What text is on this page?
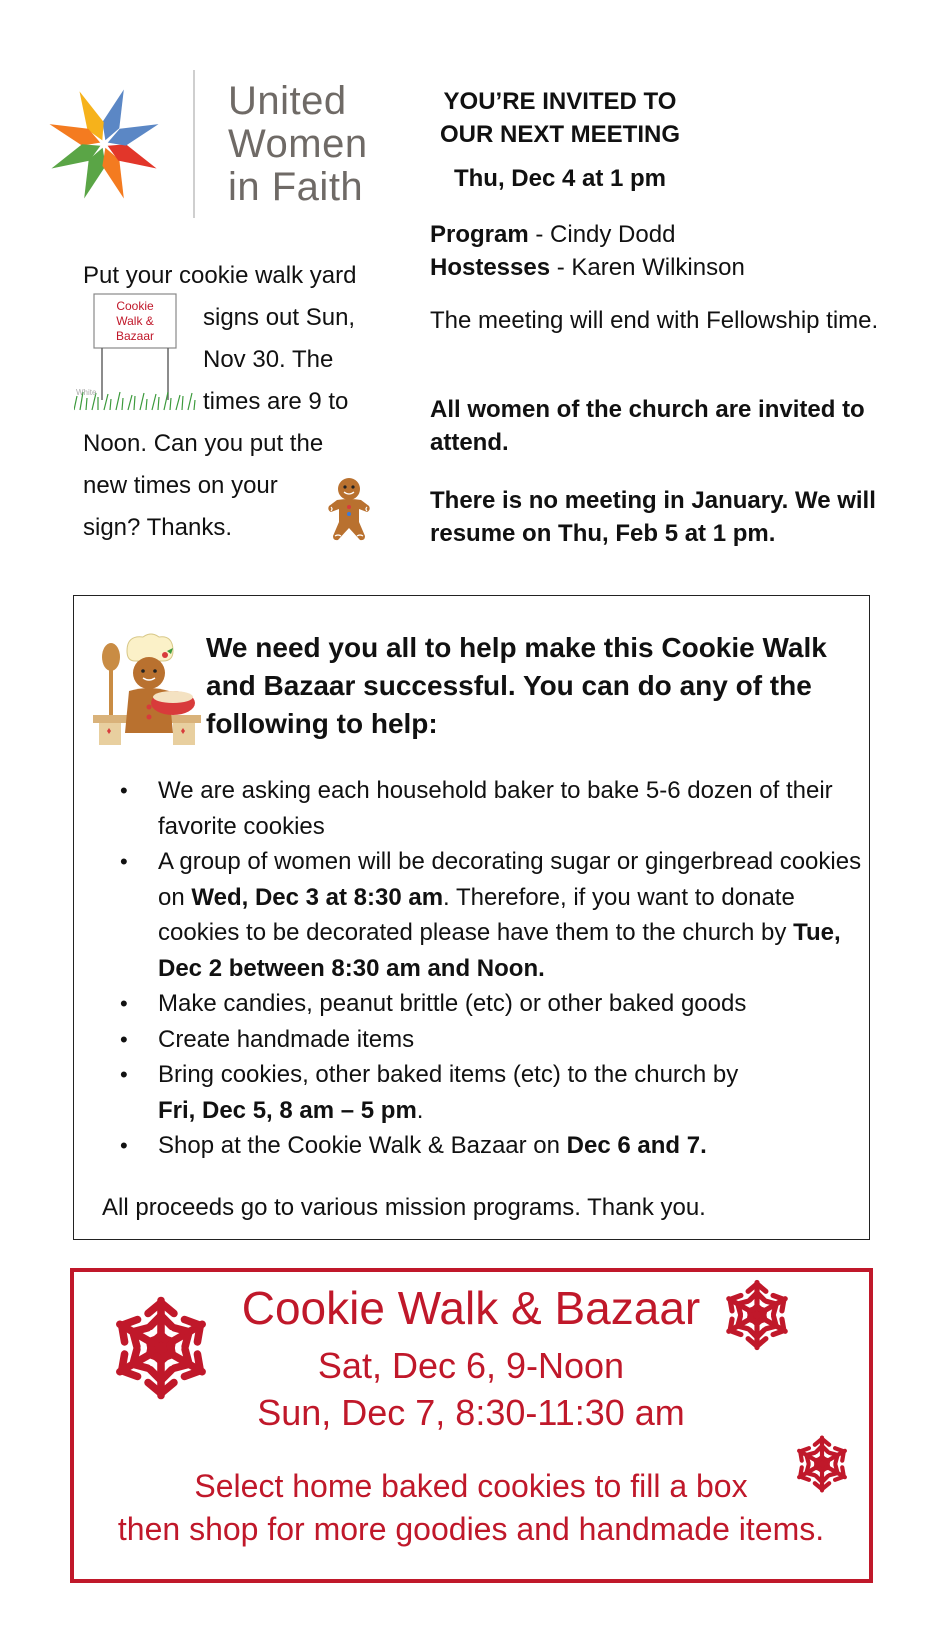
United
Women
in Faith
YOU’RE INVITED TO
OUR NEXT MEETING
Thu, Dec 4 at 1 pm
Program - Cindy Dodd
Hostesses - Karen Wilkinson
The meeting will end with Fellowship time.
All women of the church are invited to attend.
There is no meeting in January. We will resume on Thu, Feb 5 at 1 pm.
Put your cookie walk yard
signs out Sun,
Nov 30. The
times are 9 to
Noon. Can you put the
new times on your
sign? Thanks.
Cookie
Walk &
Bazaar
White
We need you all to help make this Cookie Walk and Bazaar successful. You can do any of the following to help:
• We are asking each household baker to bake 5-6 dozen of their favorite cookies
• A group of women will be decorating sugar or gingerbread cookies on Wed, Dec 3 at 8:30 am. Therefore, if you want to donate cookies to be decorated please have them to the church by Tue, Dec 2 between 8:30 am and Noon.
• Make candies, peanut brittle (etc) or other baked goods
• Create handmade items
• Bring cookies, other baked items (etc) to the church by
Fri, Dec 5, 8 am – 5 pm.
• Shop at the Cookie Walk & Bazaar on Dec 6 and 7.
All proceeds go to various mission programs. Thank you.
Cookie Walk & Bazaar
Sat, Dec 6, 9-Noon
Sun, Dec 7, 8:30-11:30 am
Select home baked cookies to fill a box
then shop for more goodies and handmade items.
